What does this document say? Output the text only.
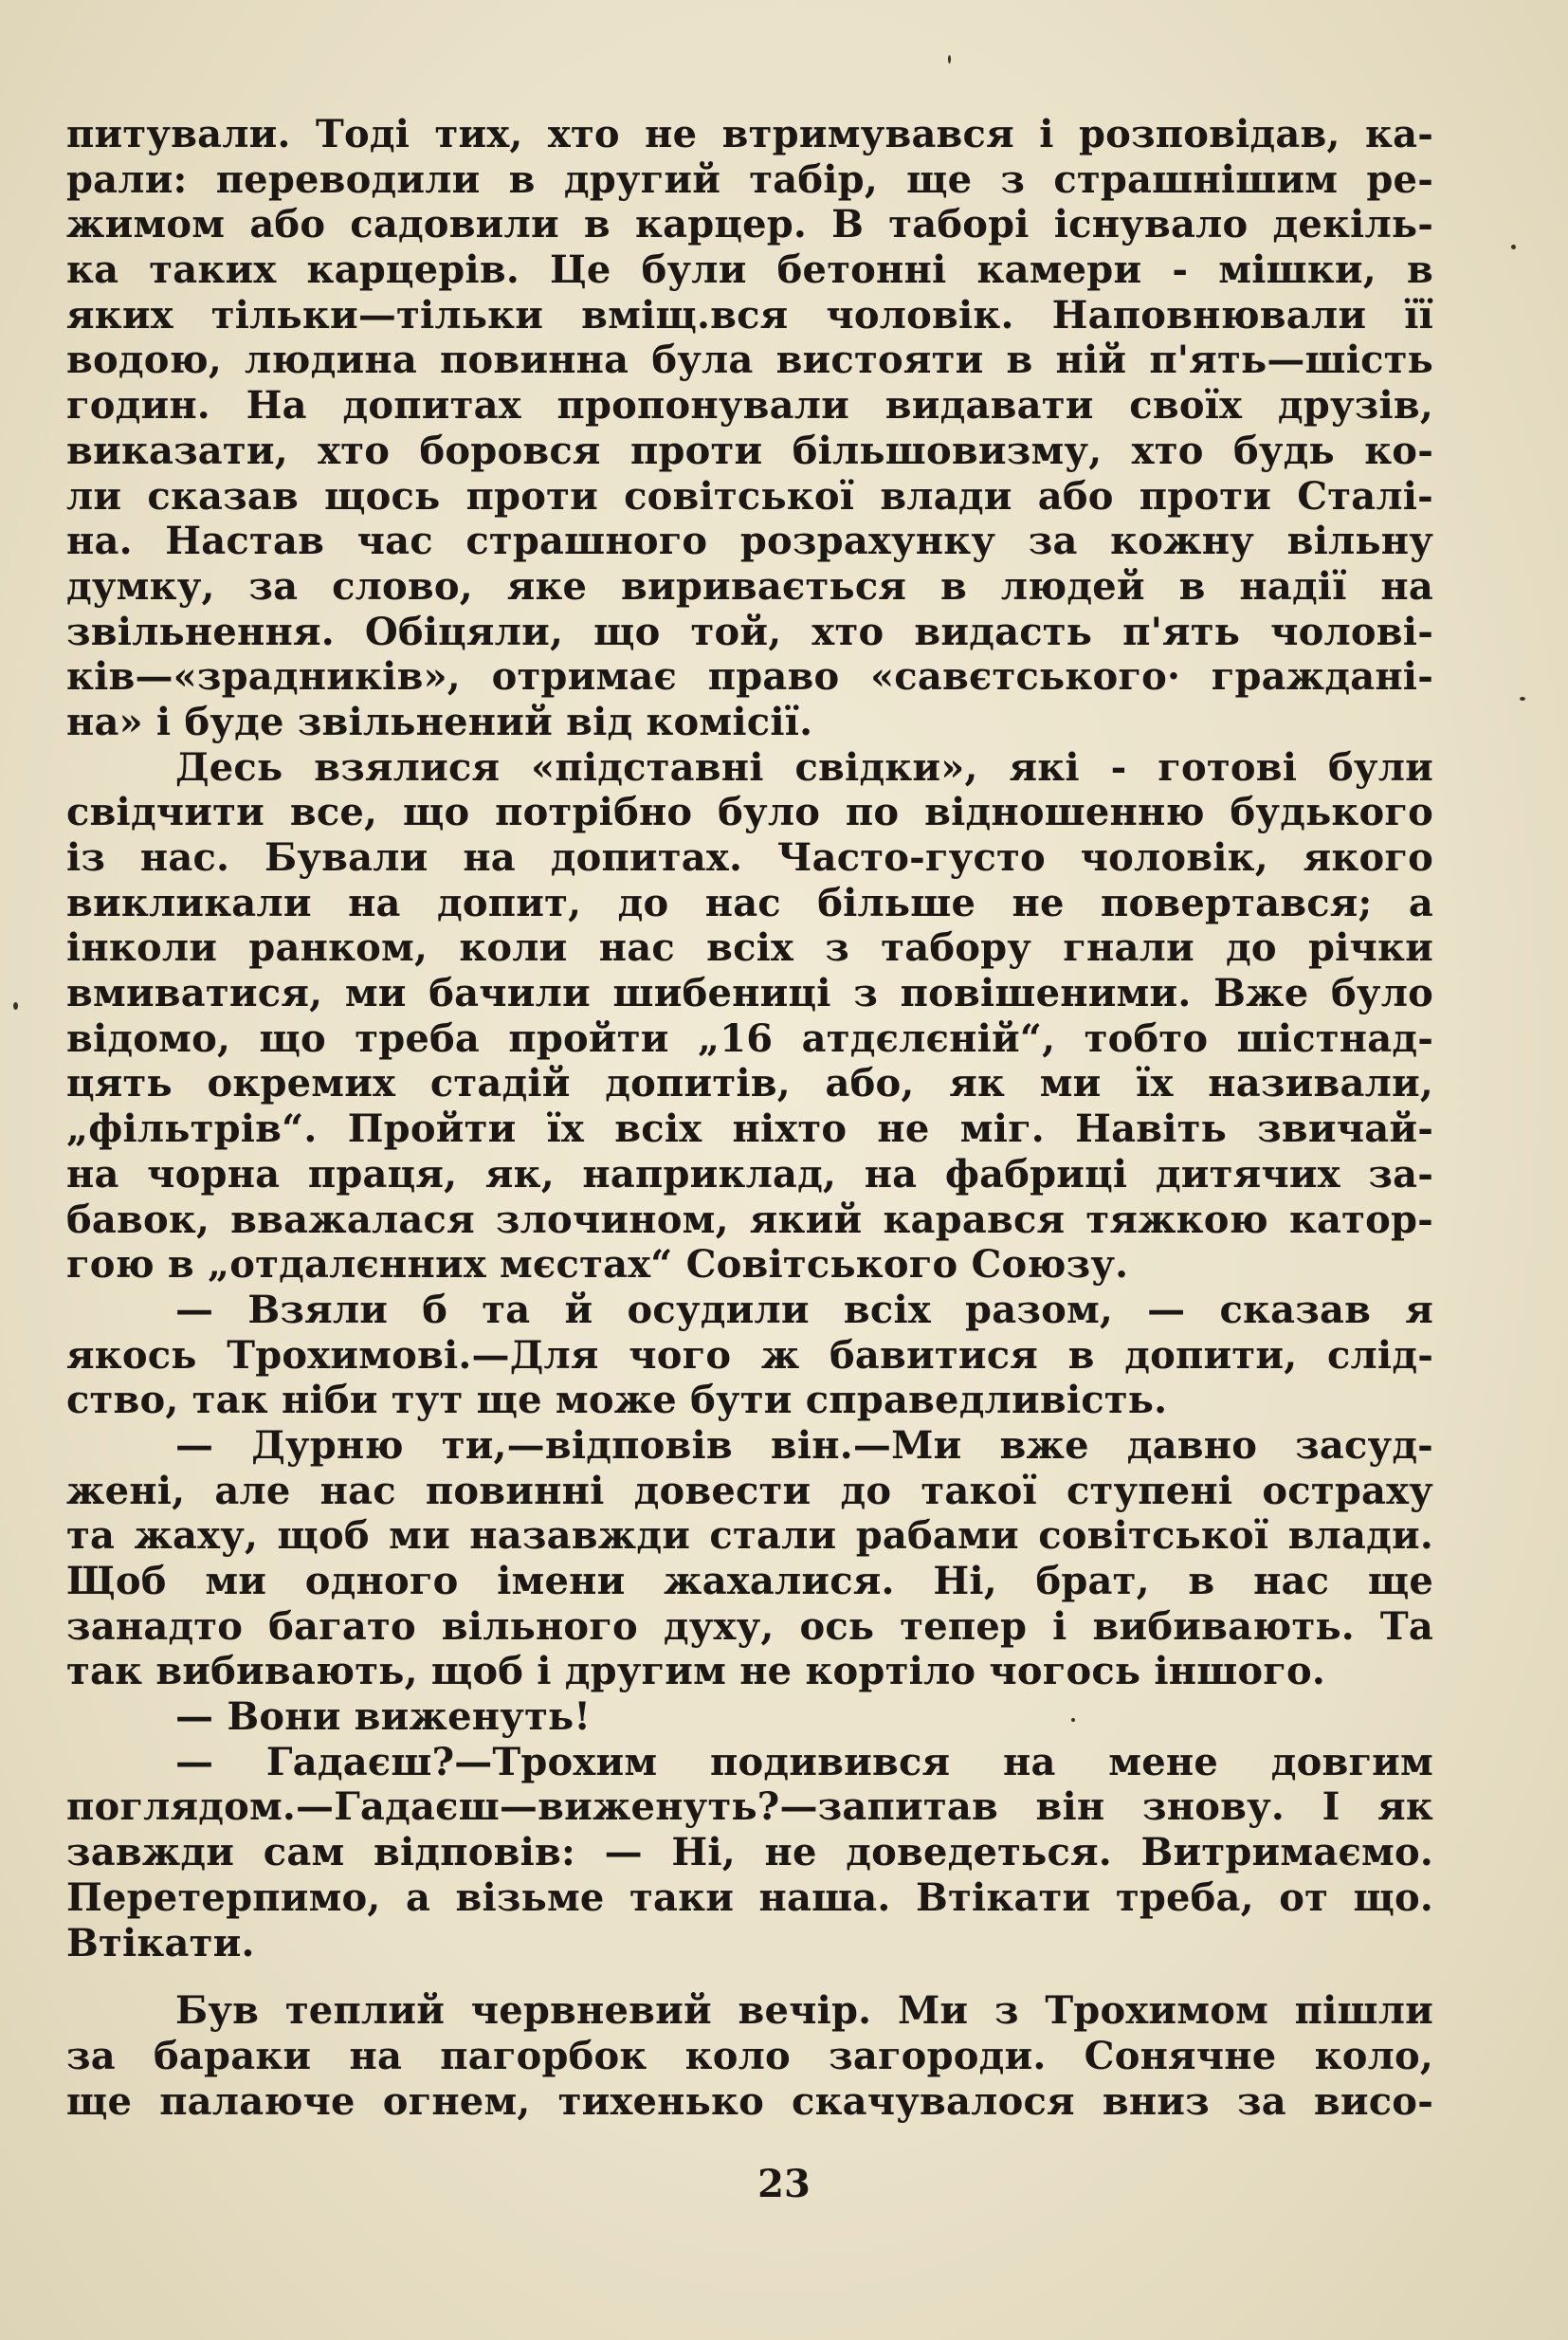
питували. Тоді тих, хто не втримувався і розповідав, ка-
рали: переводили в другий табір, ще з страшнішим ре-
жимом або садовили в карцер. В таборі існувало декіль-
ка таких карцерів. Це були бетонні камери - мішки, в
яких тільки—тільки вміщ.вся чоловік. Наповнювали її
водою, людина повинна була вистояти в ній п'ять—шість
годин. На допитах пропонували видавати своїх друзів,
виказати, хто боровся проти більшовизму, хто будь ко-
ли сказав щось проти совітської влади або проти Сталі-
на. Настав час страшного розрахунку за кожну вільну
думку, за слово, яке виривається в людей в надії на
звільнення. Обіцяли, що той, хто видасть п'ять чолові-
ків—«зрадників», отримає право «савєтського· граждані-
на» і буде звільнений від комісії.
Десь взялися «підставні свідки», які - готові були
свідчити все, що потрібно було по відношенню будького
із нас. Бували на допитах. Часто-густо чоловік, якого
викликали на допит, до нас більше не повертався; а
інколи ранком, коли нас всіх з табору гнали до річки
вмиватися, ми бачили шибениці з повішеними. Вже було
відомо, що треба пройти „16 атдєлєній“, тобто шістнад-
цять окремих стадій допитів, або, як ми їх називали,
„фільтрів“. Пройти їх всіх ніхто не міг. Навіть звичай-
на чорна праця, як, наприклад, на фабриці дитячих за-
бавок, вважалася злочином, який карався тяжкою катор-
гою в „отдалєнних мєстах“ Совітського Союзу.
— Взяли б та й осудили всіх разом, — сказав я
якось Трохимові.—Для чого ж бавитися в допити, слід-
ство, так ніби тут ще може бути справедливість.
— Дурню ти,—відповів він.—Ми вже давно засуд-
жені, але нас повинні довести до такої ступені остраху
та жаху, щоб ми назавжди стали рабами совітської влади.
Щоб ми одного імени жахалися. Ні, брат, в нас ще
занадто багато вільного духу, ось тепер і вибивають. Та
так вибивають, щоб і другим не кортіло чогось іншого.
— Вони виженуть!
— Гадаєш?—Трохим подивився на мене довгим
поглядом.—Гадаєш—виженуть?—запитав він знову. І як
завжди сам відповів: — Ні, не доведеться. Витримаємо.
Перетерпимо, а візьме таки наша. Втікати треба, от що.
Втікати.
Був теплий червневий вечір. Ми з Трохимом пішли
за бараки на пагорбок коло загороди. Сонячне коло,
ще палаюче огнем, тихенько скачувалося вниз за висо-
23
